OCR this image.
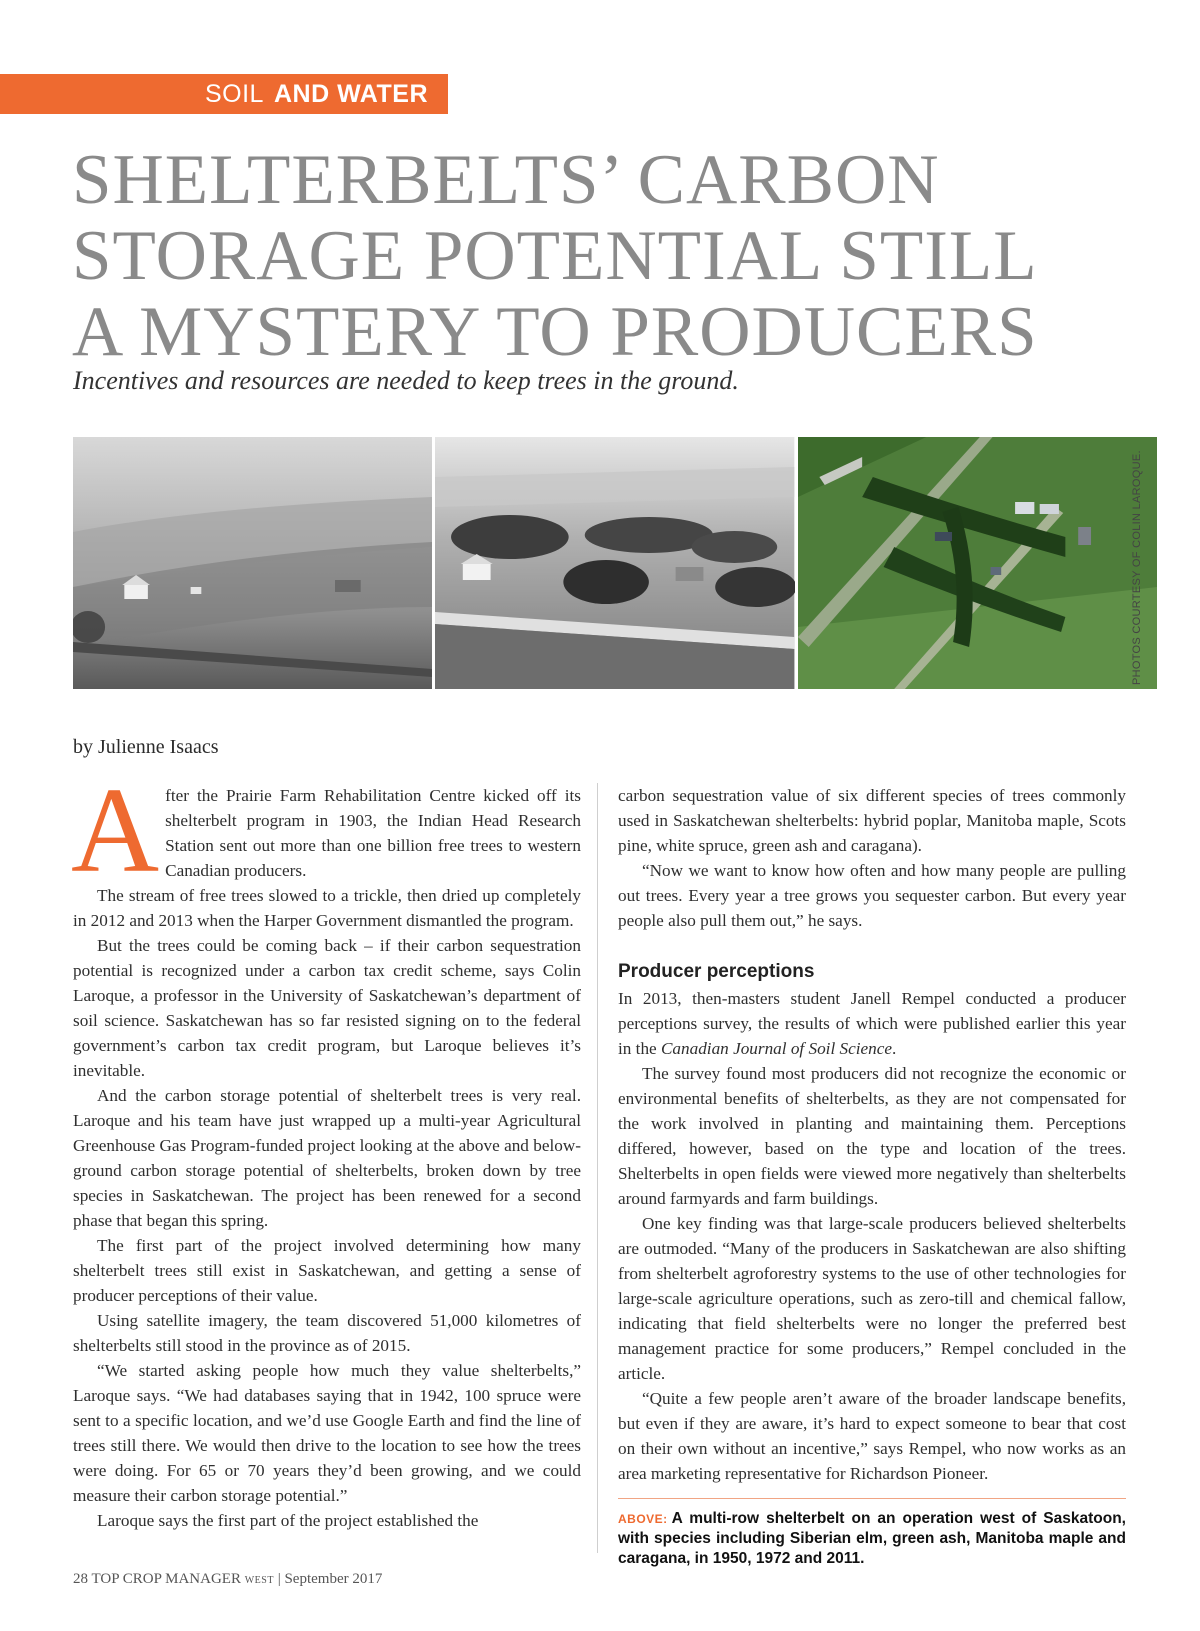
SOIL AND WATER
SHELTERBELTS’ CARBON
STORAGE POTENTIAL STILL
A MYSTERY TO PRODUCERS
Incentives and resources are needed to keep trees in the ground.
PHOTOS COURTESY OF COLIN LAROQUE.
by Julienne Isaacs

After the Prairie Farm Rehabilitation Centre kicked off its shelterbelt program in 1903, the Indian Head Research Station sent out more than one billion free trees to western Canadian producers.

The stream of free trees slowed to a trickle, then dried up completely in 2012 and 2013 when the Harper Government dismantled the program.

But the trees could be coming back – if their carbon sequestration potential is recognized under a carbon tax credit scheme, says Colin Laroque, a professor in the University of Saskatchewan’s department of soil science. Saskatchewan has so far resisted signing on to the federal government’s carbon tax credit program, but Laroque believes it’s inevitable.

And the carbon storage potential of shelterbelt trees is very real. Laroque and his team have just wrapped up a multi-year Agricultural Greenhouse Gas Program-funded project looking at the above and below-ground carbon storage potential of shelterbelts, broken down by tree species in Saskatchewan. The project has been renewed for a second phase that began this spring.

The first part of the project involved determining how many shelterbelt trees still exist in Saskatchewan, and getting a sense of producer perceptions of their value.

Using satellite imagery, the team discovered 51,000 kilometres of shelterbelts still stood in the province as of 2015.

“We started asking people how much they value shelterbelts,” Laroque says. “We had databases saying that in 1942, 100 spruce were sent to a specific location, and we’d use Google Earth and find the line of trees still there. We would then drive to the location to see how the trees were doing. For 65 or 70 years they’d been growing, and we could measure their carbon storage potential.”

Laroque says the first part of the project established the

carbon sequestration value of six different species of trees commonly used in Saskatchewan shelterbelts: hybrid poplar, Manitoba maple, Scots pine, white spruce, green ash and caragana).

“Now we want to know how often and how many people are pulling out trees. Every year a tree grows you sequester carbon. But every year people also pull them out,” he says.

Producer perceptions

In 2013, then-masters student Janell Rempel conducted a producer perceptions survey, the results of which were published earlier this year in the Canadian Journal of Soil Science.

The survey found most producers did not recognize the economic or environmental benefits of shelterbelts, as they are not compensated for the work involved in planting and maintaining them. Perceptions differed, however, based on the type and location of the trees. Shelterbelts in open fields were viewed more negatively than shelterbelts around farmyards and farm buildings.

One key finding was that large-scale producers believed shelterbelts are outmoded. “Many of the producers in Saskatchewan are also shifting from shelterbelt agroforestry systems to the use of other technologies for large-scale agriculture operations, such as zero-till and chemical fallow, indicating that field shelterbelts were no longer the preferred best management practice for some producers,” Rempel concluded in the article.

“Quite a few people aren’t aware of the broader landscape benefits, but even if they are aware, it’s hard to expect someone to bear that cost on their own without an incentive,” says Rempel, who now works as an area marketing representative for Richardson Pioneer.

ABOVE: A multi-row shelterbelt on an operation west of Saskatoon, with species including Siberian elm, green ash, Manitoba maple and caragana, in 1950, 1972 and 2011.
28 TOP CROP MANAGER WEST | September 2017
